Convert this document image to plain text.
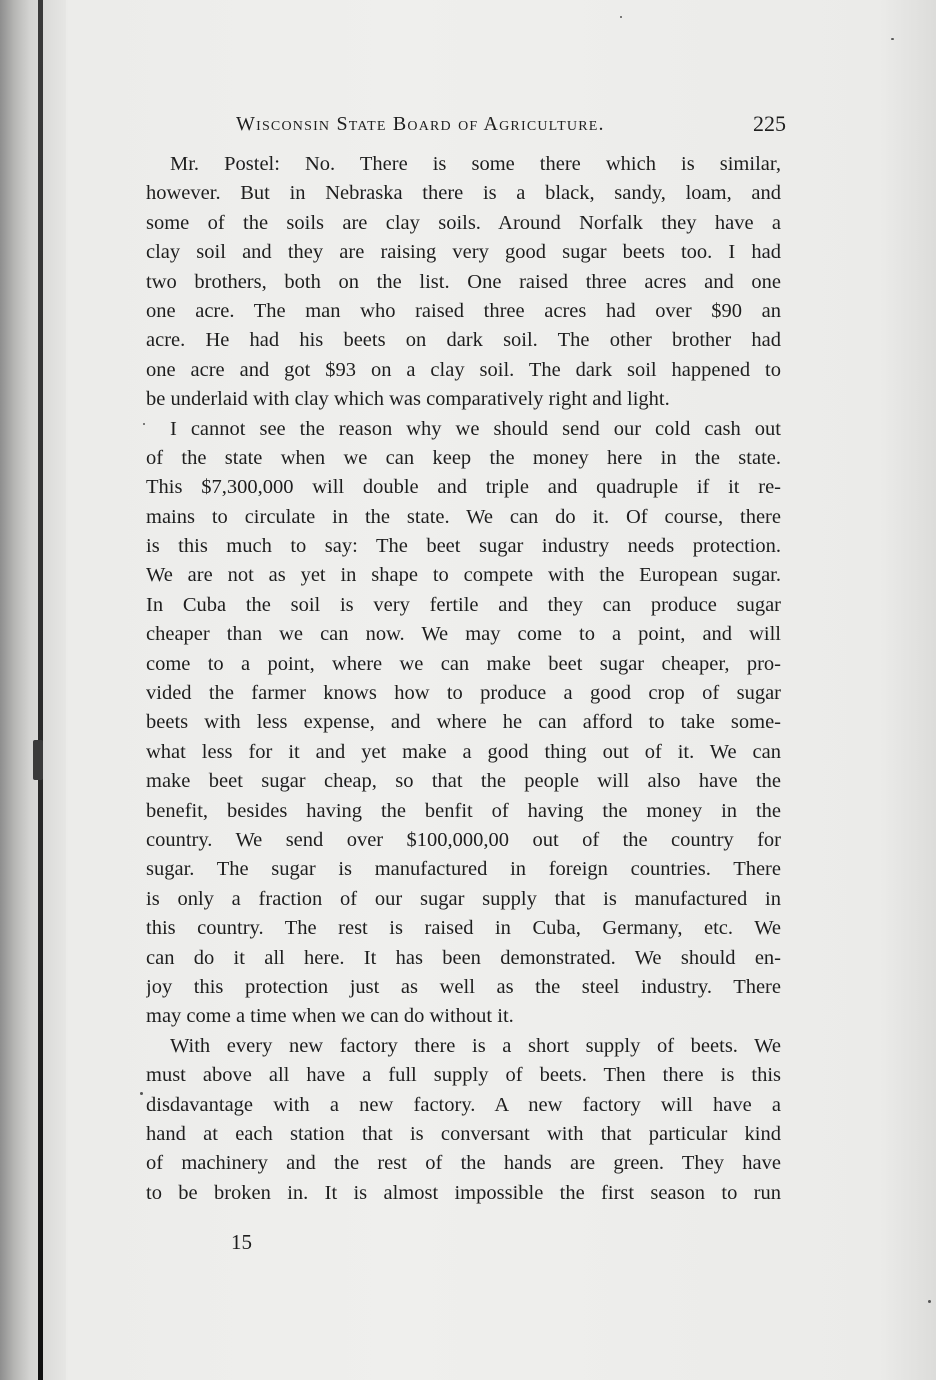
Wisconsin State Board of Agriculture.	225
Mr. Postel: No. There is some there which is similar,
however. But in Nebraska there is a black, sandy, loam, and
some of the soils are clay soils. Around Norfalk they have a
clay soil and they are raising very good sugar beets too. I had
two brothers, both on the list. One raised three acres and one
one acre. The man who raised three acres had over $90 an
acre. He had his beets on dark soil. The other brother had
one acre and got $93 on a clay soil. The dark soil happened to
be underlaid with clay which was comparatively right and light.
I cannot see the reason why we should send our cold cash out
of the state when we can keep the money here in the state.
This $7,300,000 will double and triple and quadruple if it re-
mains to circulate in the state. We can do it. Of course, there
is this much to say: The beet sugar industry needs protection.
We are not as yet in shape to compete with the European sugar.
In Cuba the soil is very fertile and they can produce sugar
cheaper than we can now. We may come to a point, and will
come to a point, where we can make beet sugar cheaper, pro-
vided the farmer knows how to produce a good crop of sugar
beets with less expense, and where he can afford to take some-
what less for it and yet make a good thing out of it. We can
make beet sugar cheap, so that the people will also have the
benefit, besides having the benfit of having the money in the
country. We send over $100,000,00 out of the country for
sugar. The sugar is manufactured in foreign countries. There
is only a fraction of our sugar supply that is manufactured in
this country. The rest is raised in Cuba, Germany, etc. We
can do it all here. It has been demonstrated. We should en-
joy this protection just as well as the steel industry. There
may come a time when we can do without it.
With every new factory there is a short supply of beets. We
must above all have a full supply of beets. Then there is this
disdavantage with a new factory. A new factory will have a
hand at each station that is conversant with that particular kind
of machinery and the rest of the hands are green. They have
to be broken in. It is almost impossible the first season to run
15
